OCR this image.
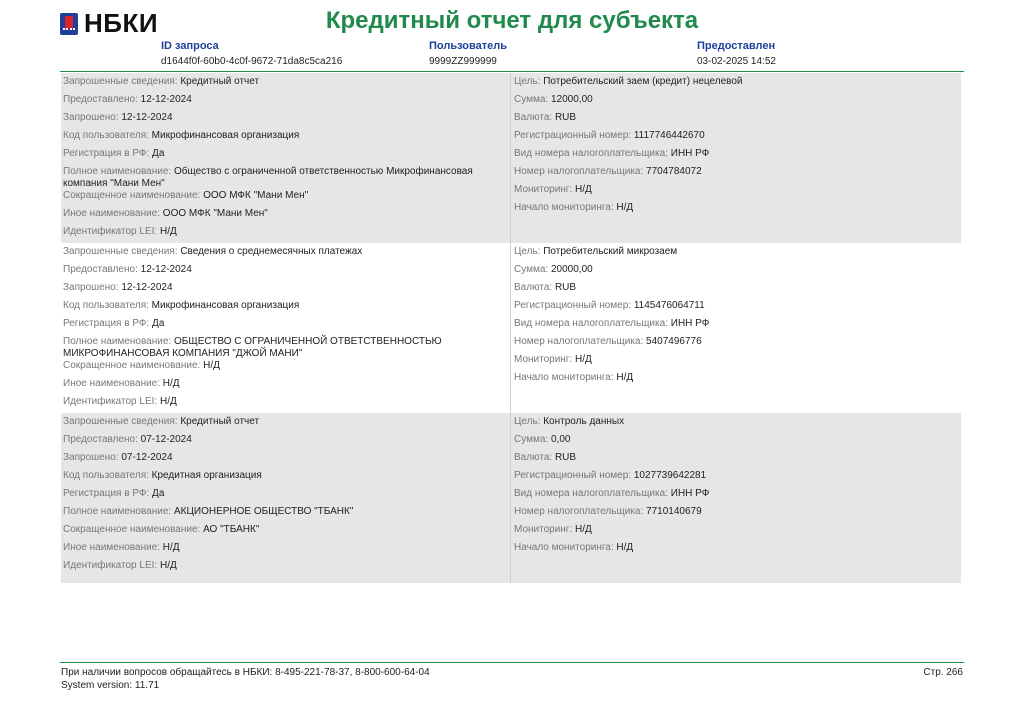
НБКИ	Кредитный отчет для субъекта
ID запроса
d1644f0f-60b0-4c0f-9672-71da8c5ca216
Пользователь
9999ZZ999999
Предоставлен
03-02-2025 14:52
Запрошенные сведения: Кредитный отчет
Предоставлено: 12-12-2024
Запрошено: 12-12-2024
Код пользователя: Микрофинансовая организация
Регистрация в РФ: Да
Полное наименование: Общество с ограниченной ответственностью Микрофинансовая компания "Мани Мен"
Сокращенное наименование: ООО МФК "Мани Мен"
Иное наименование: ООО МФК "Мани Мен"
Идентификатор LEI: Н/Д
Цель: Потребительский заем (кредит) нецелевой
Сумма: 12000,00
Валюта: RUB
Регистрационный номер: 1117746442670
Вид номера налогоплательщика: ИНН РФ
Номер налогоплательщика: 7704784072
Мониторинг: Н/Д
Начало мониторинга: Н/Д
Запрошенные сведения: Сведения о среднемесячных платежах
Предоставлено: 12-12-2024
Запрошено: 12-12-2024
Код пользователя: Микрофинансовая организация
Регистрация в РФ: Да
Полное наименование: ОБЩЕСТВО С ОГРАНИЧЕННОЙ ОТВЕТСТВЕННОСТЬЮ МИКРОФИНАНСОВАЯ КОМПАНИЯ "ДЖОЙ МАНИ"
Сокращенное наименование: Н/Д
Иное наименование: Н/Д
Идентификатор LEI: Н/Д
Цель: Потребительский микрозаем
Сумма: 20000,00
Валюта: RUB
Регистрационный номер: 1145476064711
Вид номера налогоплательщика: ИНН РФ
Номер налогоплательщика: 5407496776
Мониторинг: Н/Д
Начало мониторинга: Н/Д
Запрошенные сведения: Кредитный отчет
Предоставлено: 07-12-2024
Запрошено: 07-12-2024
Код пользователя: Кредитная организация
Регистрация в РФ: Да
Полное наименование: АКЦИОНЕРНОЕ ОБЩЕСТВО "ТБАНК"
Сокращенное наименование: АО "ТБАНК"
Иное наименование: Н/Д
Идентификатор LEI: Н/Д
Цель: Контроль данных
Сумма: 0,00
Валюта: RUB
Регистрационный номер: 1027739642281
Вид номера налогоплательщика: ИНН РФ
Номер налогоплательщика: 7710140679
Мониторинг: Н/Д
Начало мониторинга: Н/Д
При наличии вопросов обращайтесь в НБКИ: 8-495-221-78-37, 8-800-600-64-04
System version: 11.71
Стр. 266
